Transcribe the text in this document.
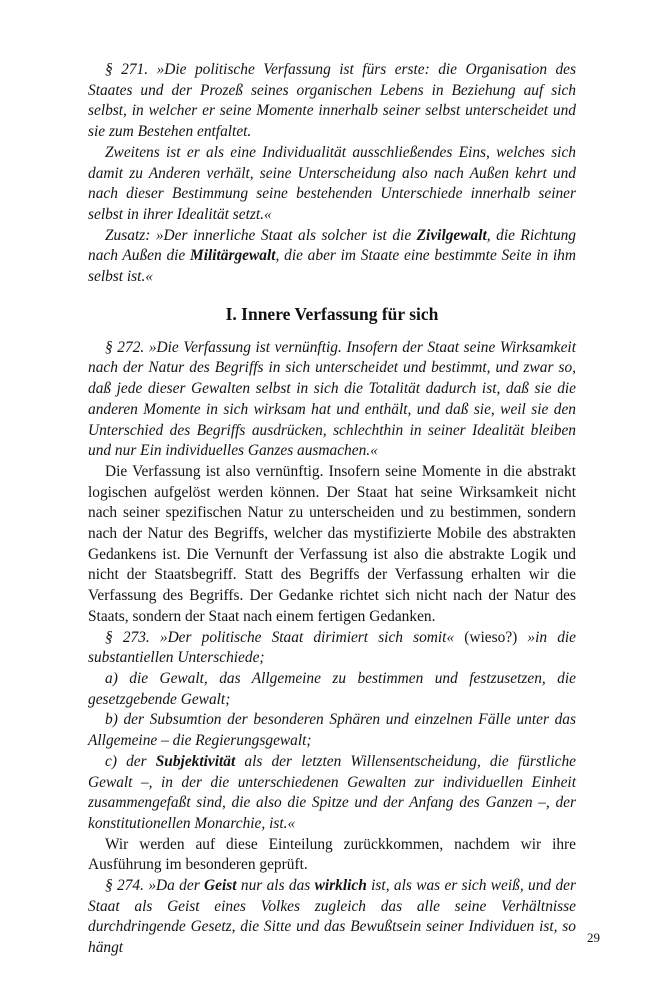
§ 271. »Die politische Verfassung ist fürs erste: die Organisation des Staates und der Prozeß seines organischen Lebens in Beziehung auf sich selbst, in welcher er seine Momente innerhalb seiner selbst unterscheidet und sie zum Bestehen entfaltet.

Zweitens ist er als eine Individualität ausschließendes Eins, welches sich damit zu Anderen verhält, seine Unterscheidung also nach Außen kehrt und nach dieser Bestimmung seine bestehenden Unterschiede innerhalb seiner selbst in ihrer Idealität setzt.«

Zusatz: »Der innerliche Staat als solcher ist die Zivilgewalt, die Richtung nach Außen die Militärgewalt, die aber im Staate eine bestimmte Seite in ihm selbst ist.«

I. Innere Verfassung für sich

§ 272. »Die Verfassung ist vernünftig. Insofern der Staat seine Wirksamkeit nach der Natur des Begriffs in sich unterscheidet und bestimmt, und zwar so, daß jede dieser Gewalten selbst in sich die Totalität dadurch ist, daß sie die anderen Momente in sich wirksam hat und enthält, und daß sie, weil sie den Unterschied des Begriffs ausdrücken, schlechthin in seiner Idealität bleiben und nur Ein individuelles Ganzes ausmachen.«

Die Verfassung ist also vernünftig. Insofern seine Momente in die abstrakt logischen aufgelöst werden können. Der Staat hat seine Wirksamkeit nicht nach seiner spezifischen Natur zu unterscheiden und zu bestimmen, sondern nach der Natur des Begriffs, welcher das mystifizierte Mobile des abstrakten Gedankens ist. Die Vernunft der Verfassung ist also die abstrakte Logik und nicht der Staatsbegriff. Statt des Begriffs der Verfassung erhalten wir die Verfassung des Begriffs. Der Gedanke richtet sich nicht nach der Natur des Staats, sondern der Staat nach einem fertigen Gedanken.

§ 273. »Der politische Staat dirimiert sich somit« (wieso?) »in die substantiellen Unterschiede;

a) die Gewalt, das Allgemeine zu bestimmen und festzusetzen, die gesetzgebende Gewalt;

b) der Subsumtion der besonderen Sphären und einzelnen Fälle unter das Allgemeine – die Regierungsgewalt;

c) der Subjektivität als der letzten Willensentscheidung, die fürstliche Gewalt –, in der die unterschiedenen Gewalten zur individuellen Einheit zusammengefaßt sind, die also die Spitze und der Anfang des Ganzen –, der konstitutionellen Monarchie, ist.«

Wir werden auf diese Einteilung zurückkommen, nachdem wir ihre Ausführung im besonderen geprüft.

§ 274. »Da der Geist nur als das wirklich ist, als was er sich weiß, und der Staat als Geist eines Volkes zugleich das alle seine Verhältnisse durchdringende Gesetz, die Sitte und das Bewußtsein seiner Individuen ist, so hängt

29
